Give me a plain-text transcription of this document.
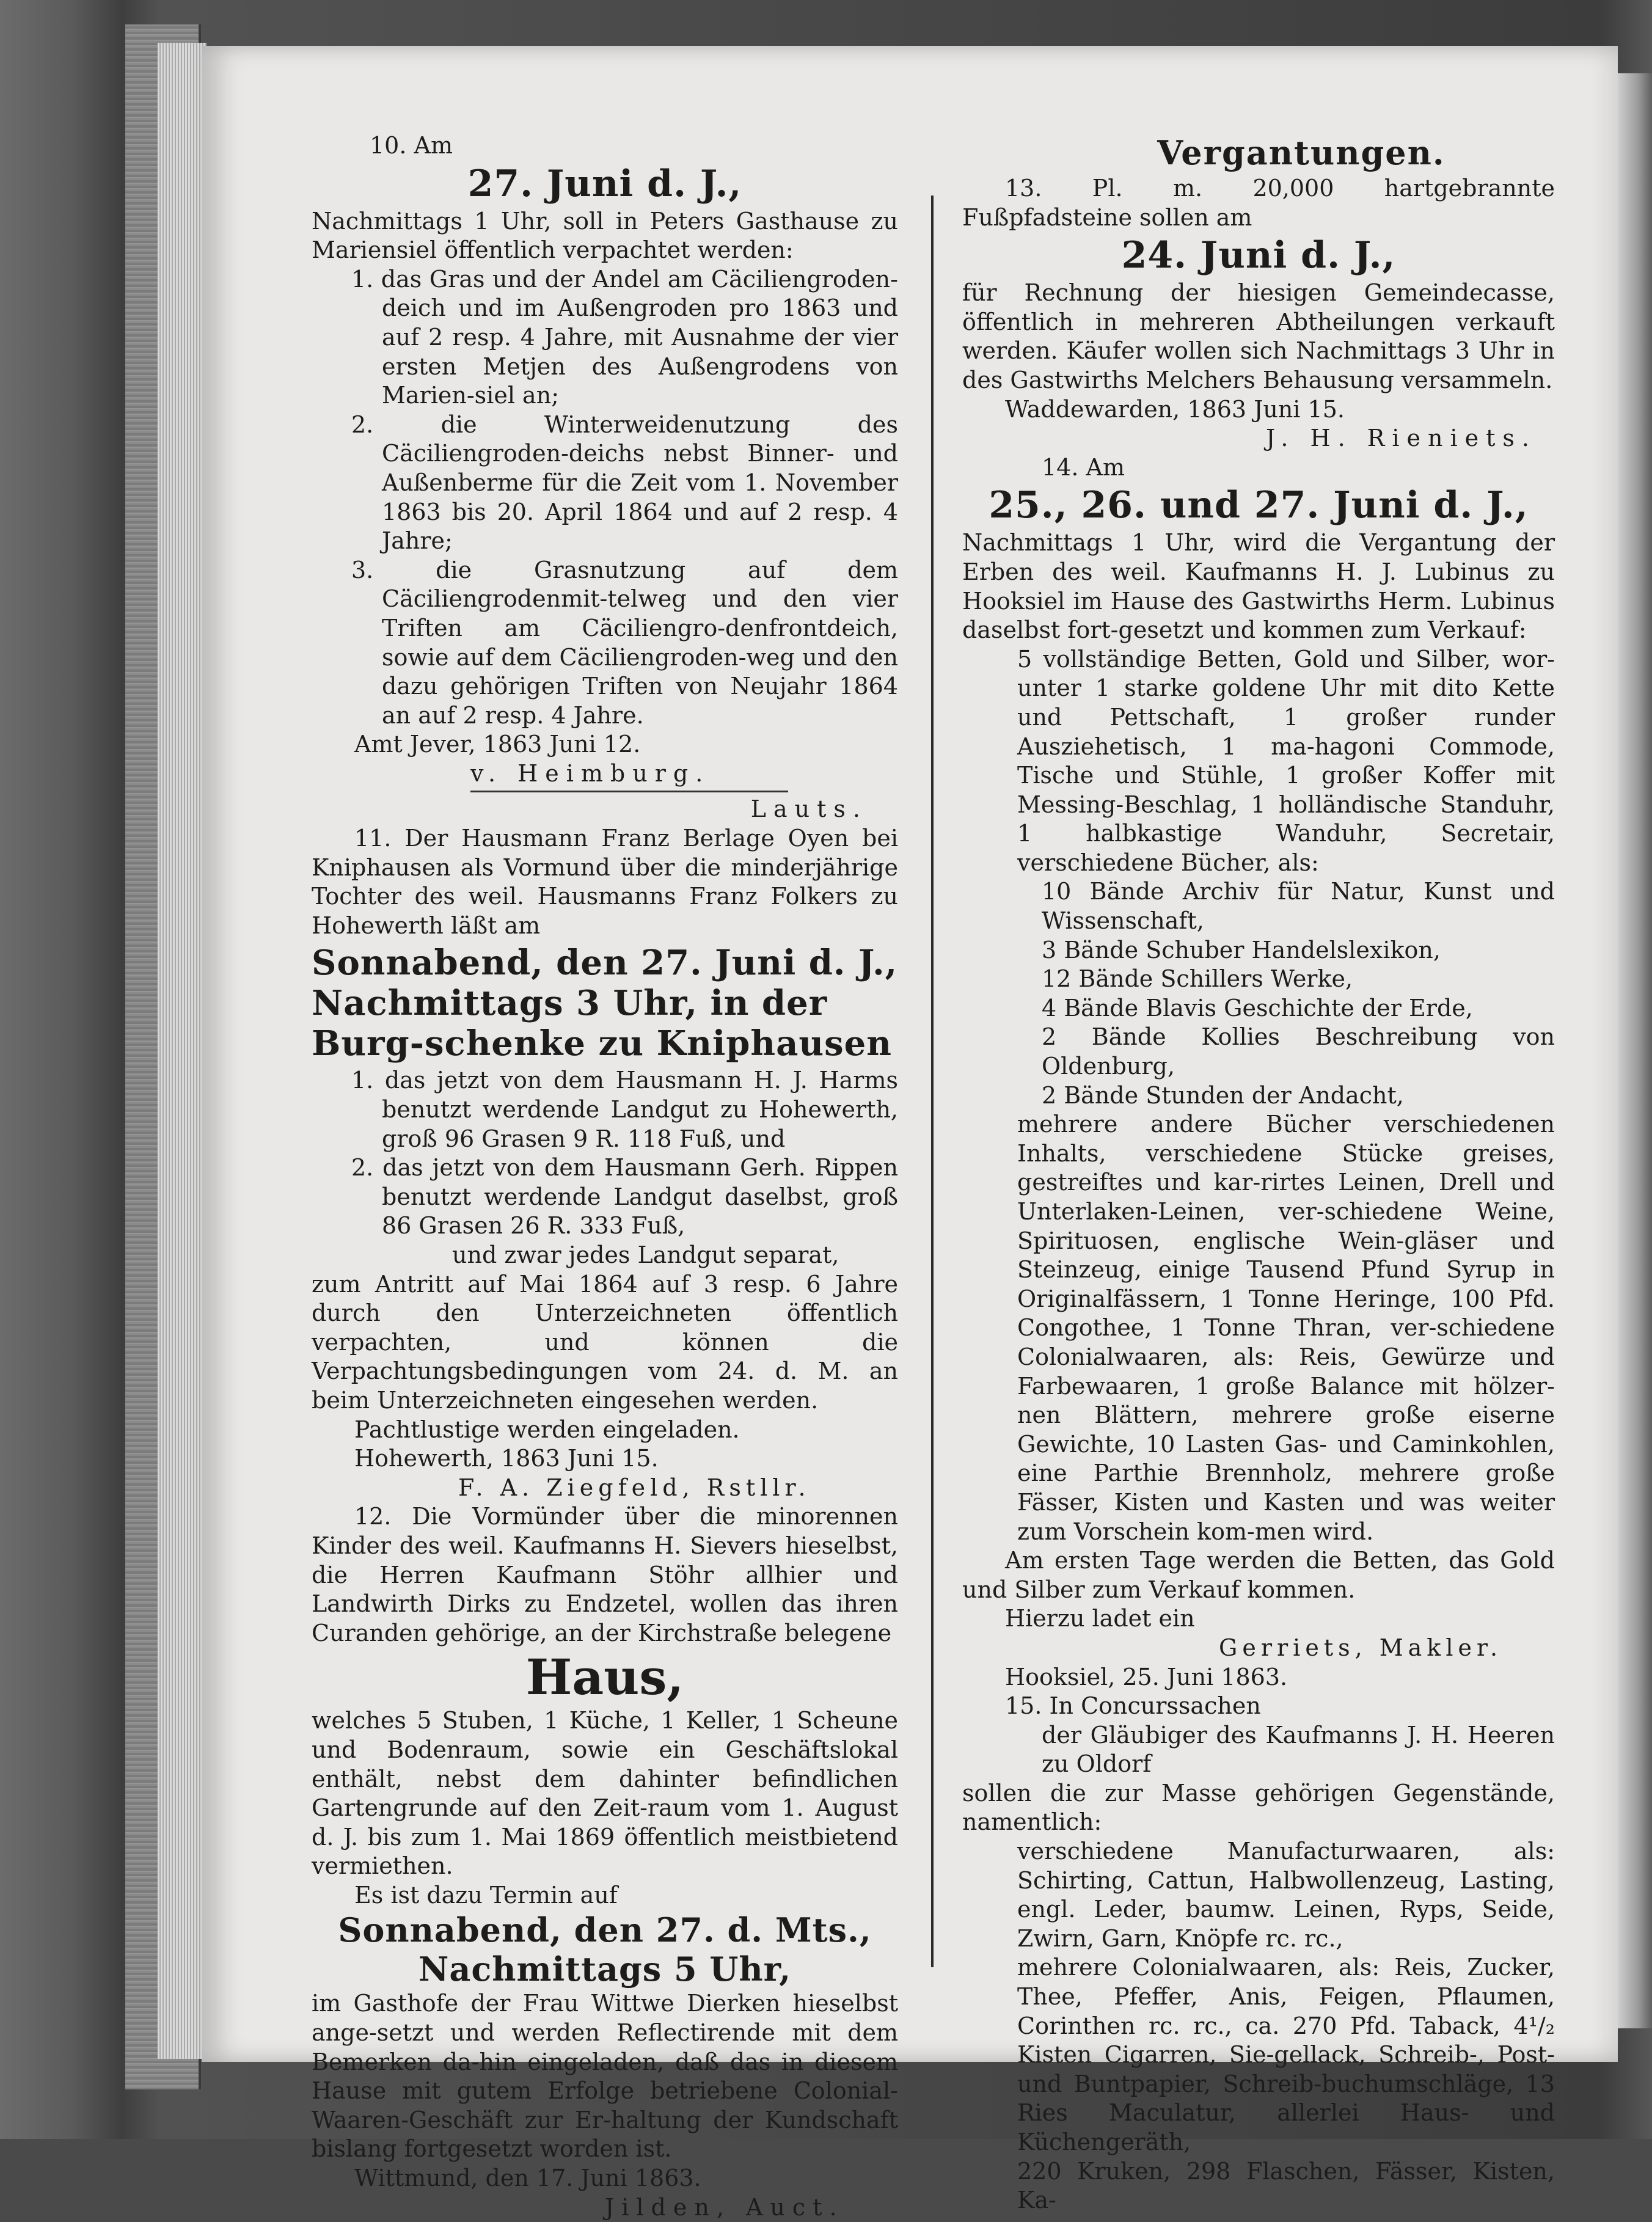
10. Am

27. Juni d. J.,

Nachmittags 1 Uhr, soll in Peters Gasthause zu Mariensiel öffentlich verpachtet werden:

1. das Gras und der Andel am Cäciliengroden-deich und im Außengroden pro 1863 und auf 2 resp. 4 Jahre, mit Ausnahme der vier ersten Metjen des Außengrodens von Marien-siel an;

2. die Winterweidenutzung des Cäciliengroden-deichs nebst Binner- und Außenberme für die Zeit vom 1. November 1863 bis 20. April 1864 und auf 2 resp. 4 Jahre;

3. die Grasnutzung auf dem Cäciliengrodenmit-telweg und den vier Triften am Cäciliengro-denfrontdeich, sowie auf dem Cäciliengroden-weg und den dazu gehörigen Triften von Neujahr 1864 an auf 2 resp. 4 Jahre.

Amt Jever, 1863 Juni 12.

v. Heimburg.

Lauts.

11. Der Hausmann Franz Berlage Oyen bei Kniphausen als Vormund über die minderjährige Tochter des weil. Hausmanns Franz Folkers zu Hohewerth läßt am

Sonnabend, den 27. Juni d. J., Nachmittags 3 Uhr, in der Burg-schenke zu Kniphausen

1. das jetzt von dem Hausmann H. J. Harms benutzt werdende Landgut zu Hohewerth, groß 96 Grasen 9 R. 118 Fuß, und

2. das jetzt von dem Hausmann Gerh. Rippen benutzt werdende Landgut daselbst, groß 86 Grasen 26 R. 333 Fuß,

und zwar jedes Landgut separat,

zum Antritt auf Mai 1864 auf 3 resp. 6 Jahre durch den Unterzeichneten öffentlich verpachten, und können die Verpachtungsbedingungen vom 24. d. M. an beim Unterzeichneten eingesehen werden.

Pachtlustige werden eingeladen.

Hohewerth, 1863 Juni 15.

F. A. Ziegfeld, Rstllr.

12. Die Vormünder über die minorennen Kinder des weil. Kaufmanns H. Sievers hieselbst, die Herren Kaufmann Stöhr allhier und Landwirth Dirks zu Endzetel, wollen das ihren Curanden gehörige, an der Kirchstraße belegene

Haus,

welches 5 Stuben, 1 Küche, 1 Keller, 1 Scheune und Bodenraum, sowie ein Geschäftslokal enthält, nebst dem dahinter befindlichen Gartengrunde auf den Zeit-raum vom 1. August d. J. bis zum 1. Mai 1869 öffentlich meistbietend vermiethen.

Es ist dazu Termin auf

Sonnabend, den 27. d. Mts.,

Nachmittags 5 Uhr,

im Gasthofe der Frau Wittwe Dierken hieselbst ange-setzt und werden Reflectirende mit dem Bemerken da-hin eingeladen, daß das in diesem Hause mit gutem Erfolge betriebene Colonial-Waaren-Geschäft zur Er-haltung der Kundschaft bislang fortgesetzt worden ist.

Wittmund, den 17. Juni 1863.

Jilden, Auct.

Vergantungen.

13. Pl. m. 20,000 hartgebrannte Fußpfadsteine sollen am

24. Juni d. J.,

für Rechnung der hiesigen Gemeindecasse, öffentlich in mehreren Abtheilungen verkauft werden. Käufer wollen sich Nachmittags 3 Uhr in des Gastwirths Melchers Behausung versammeln.

Waddewarden, 1863 Juni 15.

J. H. Rieniets.

14. Am

25., 26. und 27. Juni d. J.,

Nachmittags 1 Uhr, wird die Vergantung der Erben des weil. Kaufmanns H. J. Lubinus zu Hooksiel im Hause des Gastwirths Herm. Lubinus daselbst fort-gesetzt und kommen zum Verkauf:

5 vollständige Betten, Gold und Silber, wor-unter 1 starke goldene Uhr mit dito Kette und Pettschaft, 1 großer runder Ausziehetisch, 1 ma-hagoni Commode, Tische und Stühle, 1 großer Koffer mit Messing-Beschlag, 1 holländische Standuhr, 1 halbkastige Wanduhr, Secretair, verschiedene Bücher, als:

10 Bände Archiv für Natur, Kunst und Wissenschaft,

3 Bände Schuber Handelslexikon,

12 Bände Schillers Werke,

4 Bände Blavis Geschichte der Erde,

2 Bände Kollies Beschreibung von Oldenburg,

2 Bände Stunden der Andacht,

mehrere andere Bücher verschiedenen Inhalts, verschiedene Stücke greises, gestreiftes und kar-rirtes Leinen, Drell und Unterlaken-Leinen, ver-schiedene Weine, Spirituosen, englische Wein-gläser und Steinzeug, einige Tausend Pfund Syrup in Originalfässern, 1 Tonne Heringe, 100 Pfd. Congothee, 1 Tonne Thran, ver-schiedene Colonialwaaren, als: Reis, Gewürze und Farbewaaren, 1 große Balance mit hölzer-nen Blättern, mehrere große eiserne Gewichte, 10 Lasten Gas- und Caminkohlen, eine Parthie Brennholz, mehrere große Fässer, Kisten und Kasten und was weiter zum Vorschein kom-men wird.

Am ersten Tage werden die Betten, das Gold und Silber zum Verkauf kommen.

Hierzu ladet ein

Gerriets, Makler.

Hooksiel, 25. Juni 1863.

15. In Concurssachen

der Gläubiger des Kaufmanns J. H. Heeren zu Oldorf

sollen die zur Masse gehörigen Gegenstände, namentlich:

verschiedene Manufacturwaaren, als: Schirting, Cattun, Halbwollenzeug, Lasting, engl. Leder, baumw. Leinen, Ryps, Seide, Zwirn, Garn, Knöpfe rc. rc.,

mehrere Colonialwaaren, als: Reis, Zucker, Thee, Pfeffer, Anis, Feigen, Pflaumen, Corinthen rc. rc., ca. 270 Pfd. Taback, 4¹/₂ Kisten Cigarren, Sie-gellack, Schreib-, Post- und Buntpapier, Schreib-buchumschläge, 13 Ries Maculatur, allerlei Haus- und Küchengeräth,

220 Kruken, 298 Flaschen, Fässer, Kisten, Ka-
